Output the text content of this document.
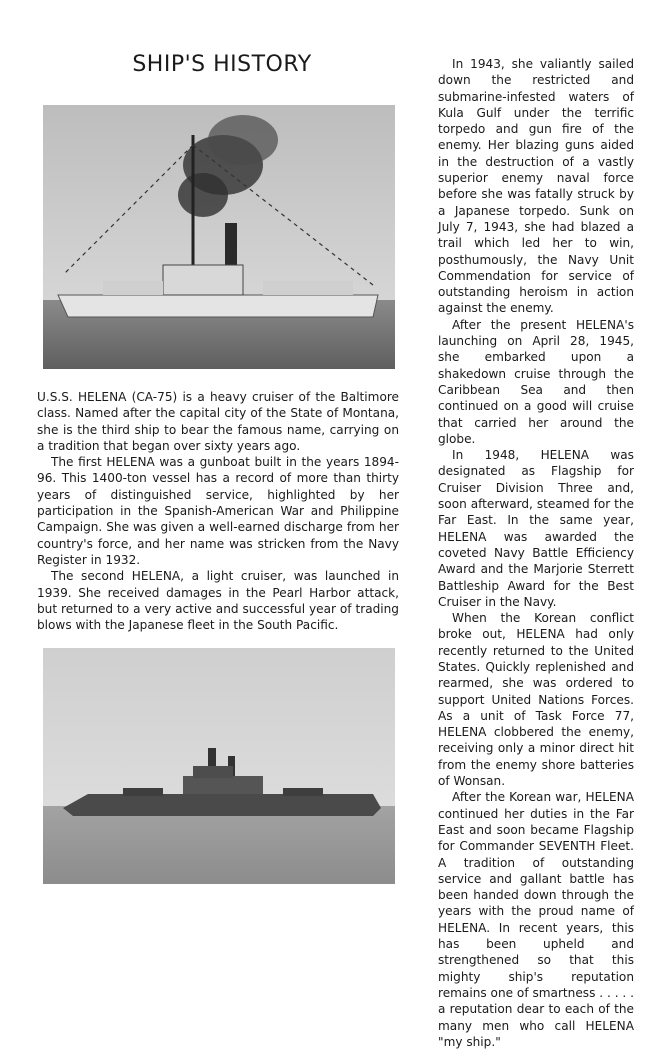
SHIP'S HISTORY

U.S.S. HELENA (CA-75) is a heavy cruiser of the Baltimore class. Named after the capital city of the State of Montana, she is the third ship to bear the famous name, carrying on a tradition that began over sixty years ago.

The first HELENA was a gunboat built in the years 1894-96. This 1400-ton vessel has a record of more than thirty years of distinguished service, highlighted by her participation in the Spanish-American War and Philippine Campaign. She was given a well-earned discharge from her country's force, and her name was stricken from the Navy Register in 1932.

The second HELENA, a light cruiser, was launched in 1939. She received damages in the Pearl Harbor attack, but returned to a very active and successful year of trading blows with the Japanese fleet in the South Pacific.

In 1943, she valiantly sailed down the restricted and submarine-infested waters of Kula Gulf under the terrific torpedo and gun fire of the enemy. Her blazing guns aided in the destruction of a vastly superior enemy naval force before she was fatally struck by a Japanese torpedo. Sunk on July 7, 1943, she had blazed a trail which led her to win, posthumously, the Navy Unit Commendation for service of outstanding heroism in action against the enemy.

After the present HELENA's launching on April 28, 1945, she embarked upon a shakedown cruise through the Caribbean Sea and then continued on a good will cruise that carried her around the globe.

In 1948, HELENA was designated as Flagship for Cruiser Division Three and, soon afterward, steamed for the Far East. In the same year, HELENA was awarded the coveted Navy Battle Efficiency Award and the Marjorie Sterrett Battleship Award for the Best Cruiser in the Navy.

When the Korean conflict broke out, HELENA had only recently returned to the United States. Quickly replenished and rearmed, she was ordered to support United Nations Forces. As a unit of Task Force 77, HELENA clobbered the enemy, receiving only a minor direct hit from the enemy shore batteries of Wonsan.

After the Korean war, HELENA continued her duties in the Far East and soon became Flagship for Commander SEVENTH Fleet. A tradition of outstanding service and gallant battle has been handed down through the years with the proud name of HELENA. In recent years, this has been upheld and strengthened so that this mighty ship's reputation remains one of smartness . . . . . a reputation dear to each of the many men who call HELENA "my ship."
